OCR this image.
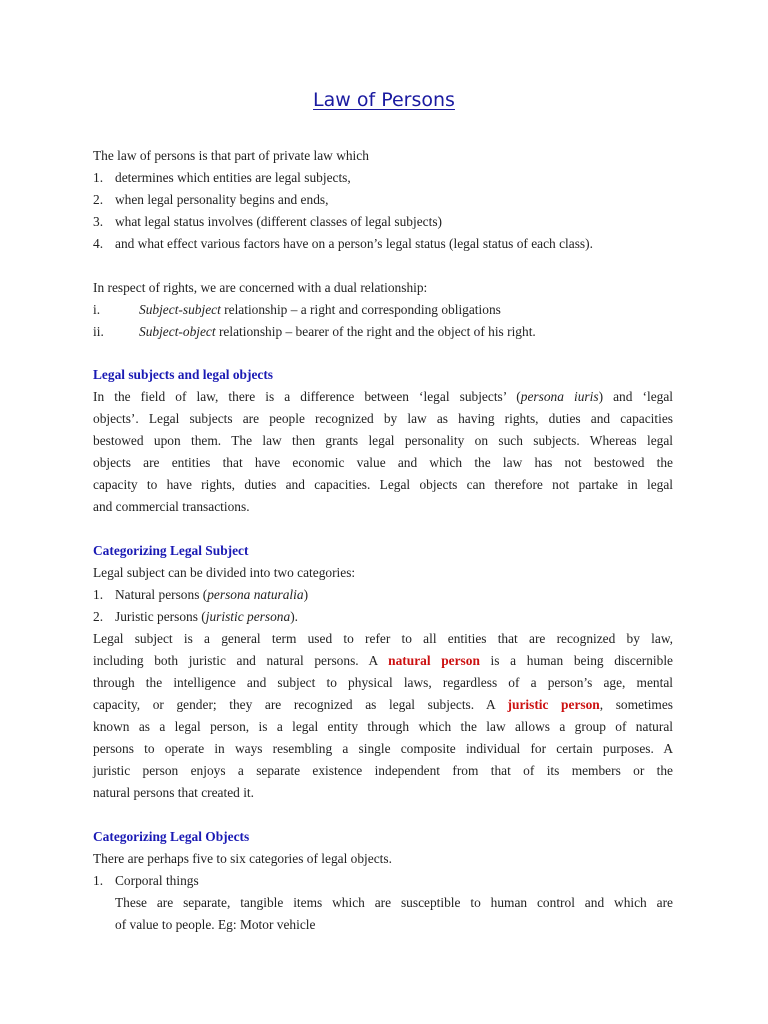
Law of Persons
The law of persons is that part of private law which
1. determines which entities are legal subjects,
2. when legal personality begins and ends,
3. what legal status involves (different classes of legal subjects)
4. and what effect various factors have on a person’s legal status (legal status of each class).
In respect of rights, we are concerned with a dual relationship:
i.	Subject-subject relationship – a right and corresponding obligations
ii.	Subject-object relationship – bearer of the right and the object of his right.
Legal subjects and legal objects
In the field of law, there is a difference between ‘legal subjects’ (persona iuris) and ‘legal
objects’. Legal subjects are people recognized by law as having rights, duties and capacities
bestowed upon them. The law then grants legal personality on such subjects. Whereas legal
objects are entities that have economic value and which the law has not bestowed the
capacity to have rights, duties and capacities. Legal objects can therefore not partake in legal
and commercial transactions.
Categorizing Legal Subject
Legal subject can be divided into two categories:
1. Natural persons (persona naturalia)
2. Juristic persons (juristic persona).
Legal subject is a general term used to refer to all entities that are recognized by law,
including both juristic and natural persons. A natural person is a human being discernible
through the intelligence and subject to physical laws, regardless of a person’s age, mental
capacity, or gender; they are recognized as legal subjects. A juristic person, sometimes
known as a legal person, is a legal entity through which the law allows a group of natural
persons to operate in ways resembling a single composite individual for certain purposes. A
juristic person enjoys a separate existence independent from that of its members or the
natural persons that created it.
Categorizing Legal Objects
There are perhaps five to six categories of legal objects.
1. Corporal things
These are separate, tangible items which are susceptible to human control and which are
of value to people. Eg: Motor vehicle
